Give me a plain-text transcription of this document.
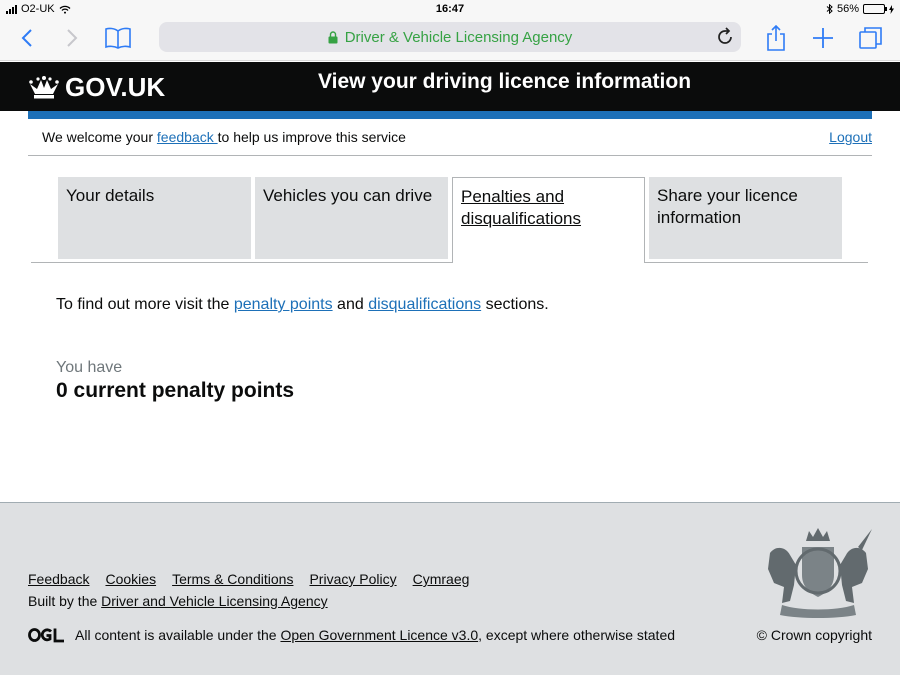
O2-UK	16:47	56%
Driver & Vehicle Licensing Agency
GOV.UK	View your driving licence information
We welcome your feedback to help us improve this service	Logout
Your details	Vehicles you can drive	Penalties and disqualifications
Share your licence information

To find out more visit the penalty points and disqualifications sections.

You have
0 current penalty points
Feedback Cookies Terms & Conditions Privacy Policy Cymraeg
Built by the Driver and Vehicle Licensing Agency
All content is available under the Open Government Licence v3.0, except where otherwise stated	© Crown copyright
